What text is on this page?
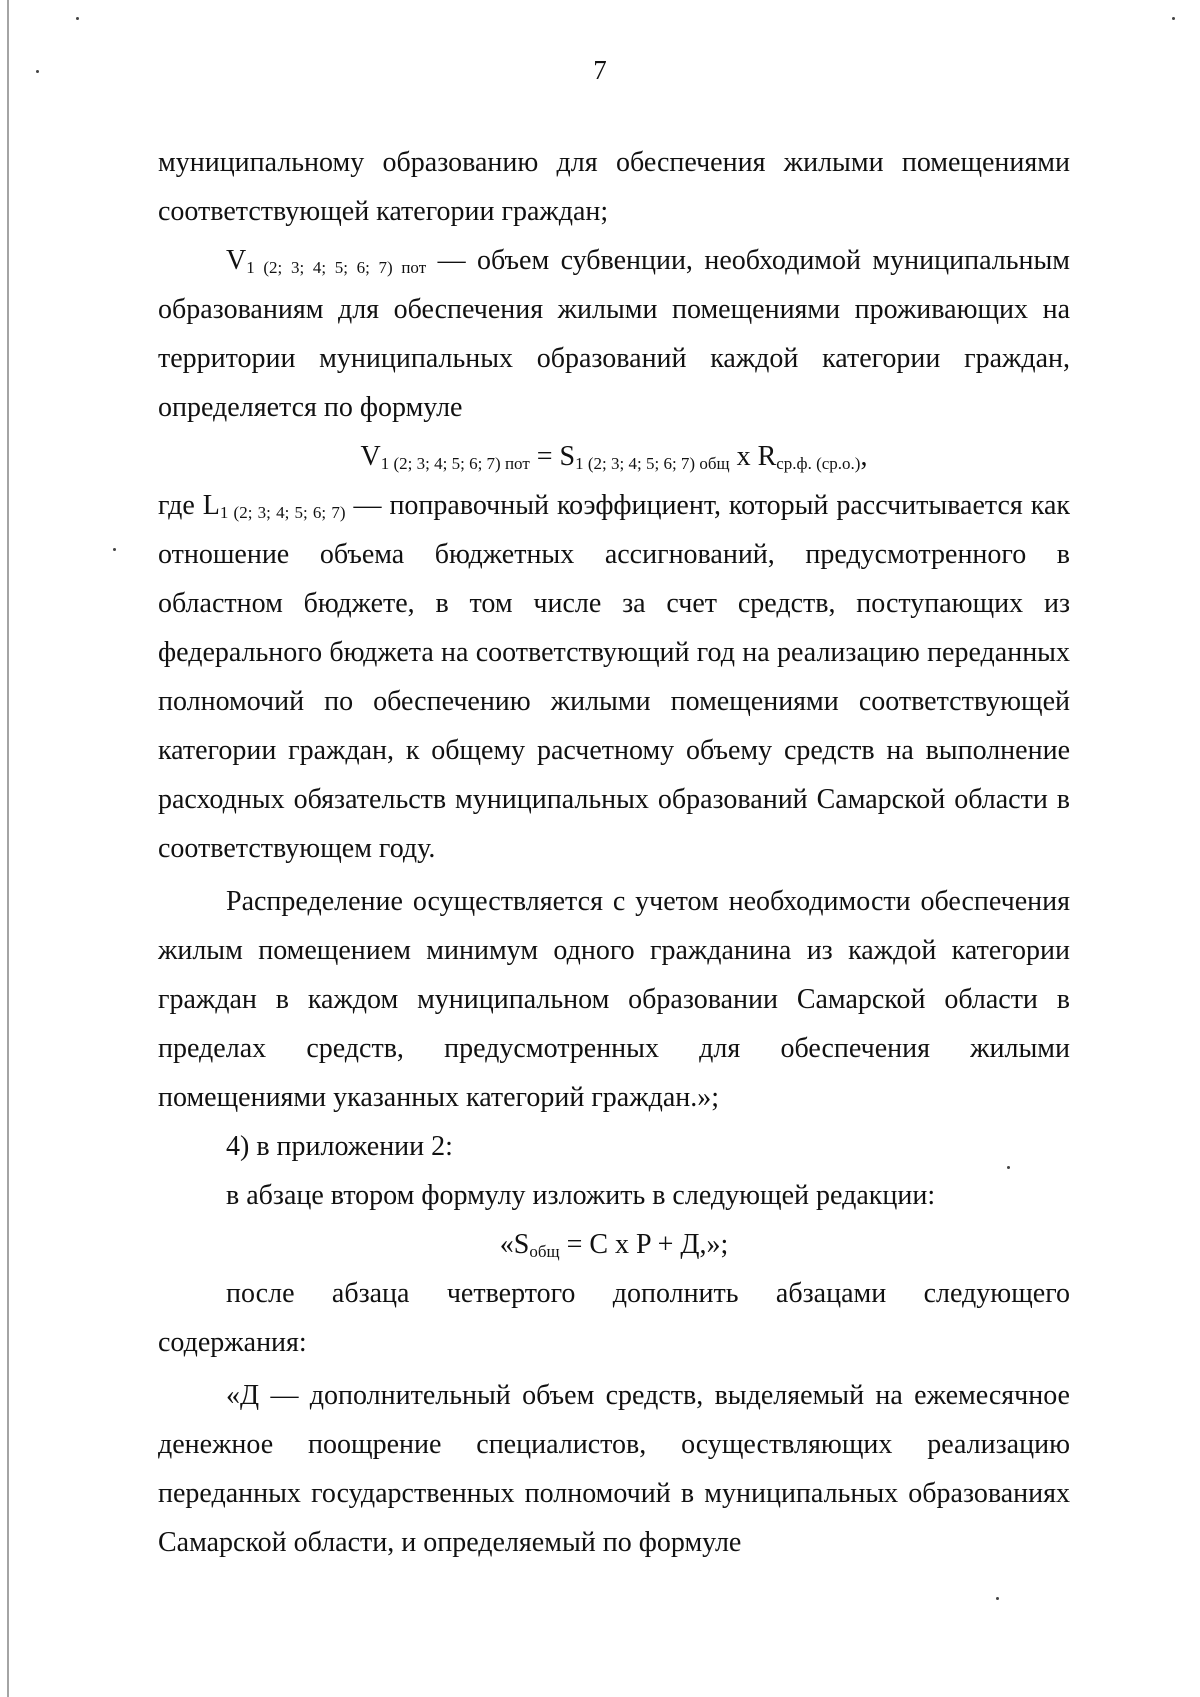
7

муниципальному образованию для обеспечения жилыми помещениями соответствующей категории граждан;

$V_{1 (2; 3; 4; 5; 6; 7) пот}$ — объем субвенции, необходимой муниципальным образованиям для обеспечения жилыми помещениями проживающих на территории муниципальных образований каждой категории граждан, определяется по формуле

$V_{1 (2; 3; 4; 5; 6; 7) пот} = S_{1 (2; 3; 4; 5; 6; 7) общ}$ x $R_{ср.ф. (ср.о.)}$,

где $L_{1 (2; 3; 4; 5; 6; 7)}$ — поправочный коэффициент, который рассчитывается как отношение объема бюджетных ассигнований, предусмотренного в областном бюджете, в том числе за счет средств, поступающих из федерального бюджета на соответствующий год на реализацию переданных полномочий по обеспечению жилыми помещениями соответствующей категории граждан, к общему расчетному объему средств на выполнение расходных обязательств муниципальных образований Самарской области в соответствующем году.

Распределение осуществляется с учетом необходимости обеспечения жилым помещением минимум одного гражданина из каждой категории граждан в каждом муниципальном образовании Самарской области в пределах средств, предусмотренных для обеспечения жилыми помещениями указанных категорий граждан.»;

4) в приложении 2:

в абзаце втором формулу изложить в следующей редакции:

«$S_{общ} = C$ x P + Д,»;

после абзаца четвертого дополнить абзацами следующего содержания:

«Д — дополнительный объем средств, выделяемый на ежемесячное денежное поощрение специалистов, осуществляющих реализацию переданных государственных полномочий в муниципальных образованиях Самарской области, и определяемый по формуле
